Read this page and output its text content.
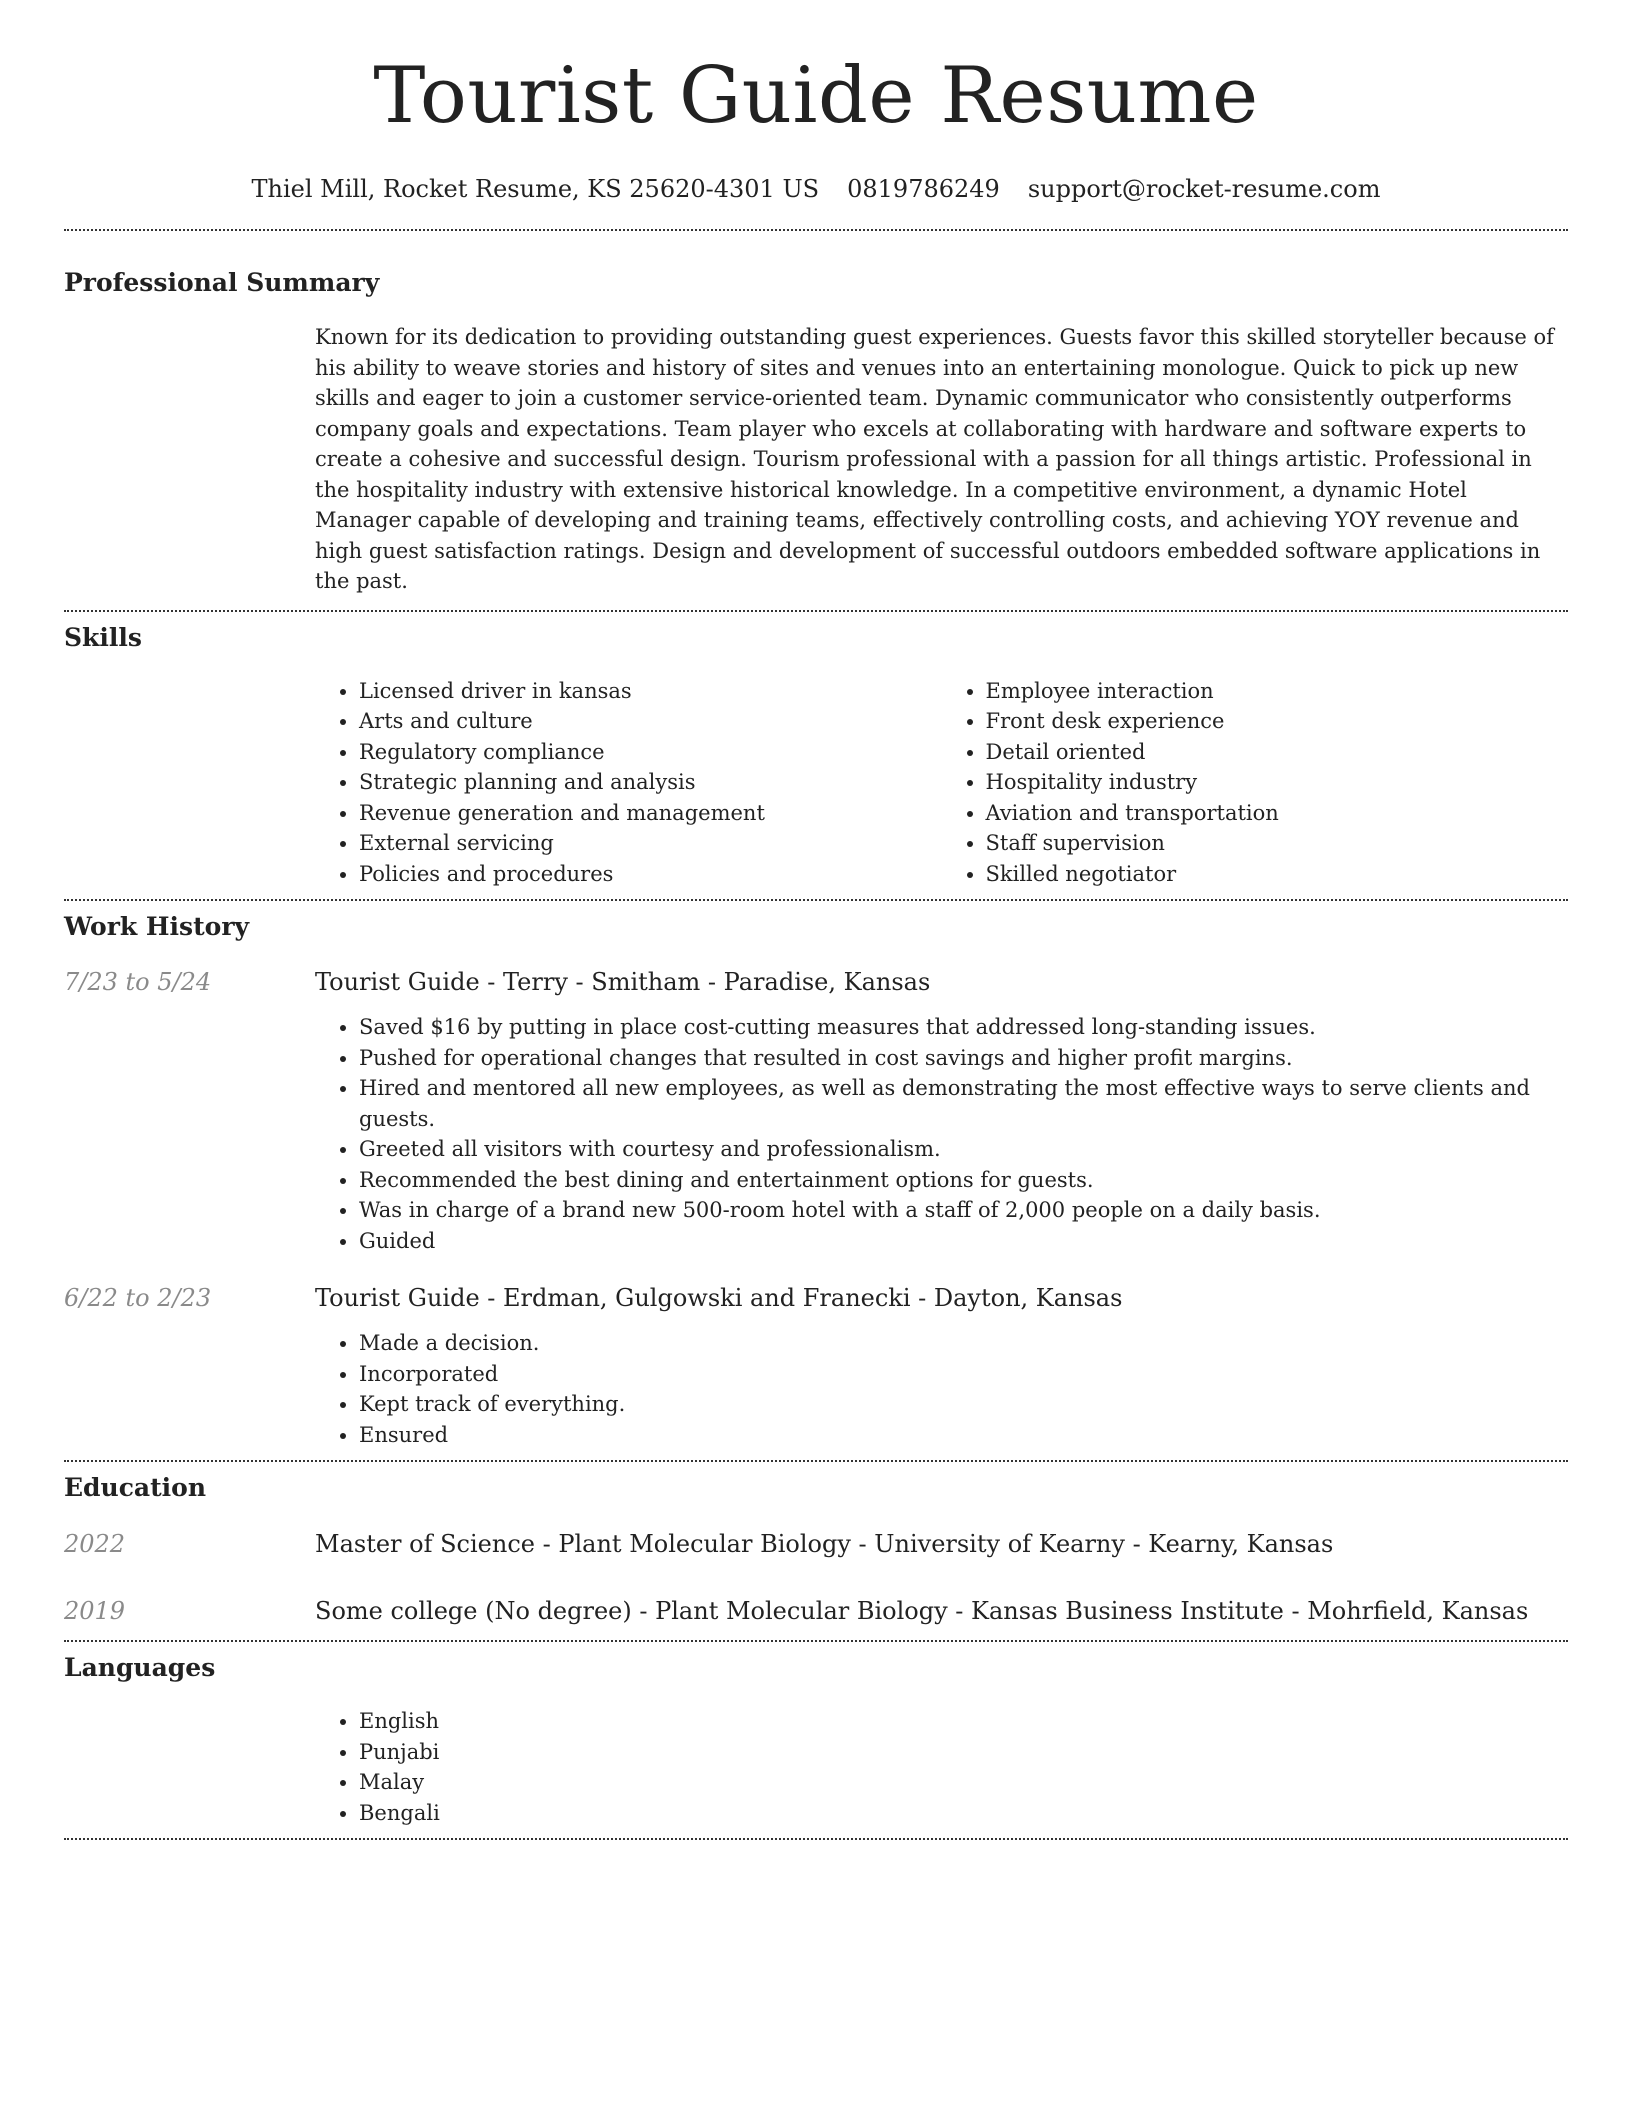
Tourist Guide Resume
Thiel Mill, Rocket Resume, KS 25620-4301 US 0819786249 support@rocket-resume.com
Professional Summary

Known for its dedication to providing outstanding guest experiences. Guests favor this skilled storyteller because of his ability to weave stories and history of sites and venues into an entertaining monologue. Quick to pick up new skills and eager to join a customer service-oriented team. Dynamic communicator who consistently outperforms company goals and expectations. Team player who excels at collaborating with hardware and software experts to create a cohesive and successful design. Tourism professional with a passion for all things artistic. Professional in the hospitality industry with extensive historical knowledge. In a competitive environment, a dynamic Hotel Manager capable of developing and training teams, effectively controlling costs, and achieving YOY revenue and high guest satisfaction ratings. Design and development of successful outdoors embedded software applications in the past.

Skills
• Licensed driver in kansas
• Arts and culture
• Regulatory compliance
• Strategic planning and analysis
• Revenue generation and management
• External servicing
• Policies and procedures
• Employee interaction
• Front desk experience
• Detail oriented
• Hospitality industry
• Aviation and transportation
• Staff supervision
• Skilled negotiator
Work History
7/23 to 5/24	Tourist Guide - Terry - Smitham - Paradise, Kansas
• Saved $16 by putting in place cost-cutting measures that addressed long-standing issues.
• Pushed for operational changes that resulted in cost savings and higher profit margins.
• Hired and mentored all new employees, as well as demonstrating the most effective ways to serve clients and guests.
• Greeted all visitors with courtesy and professionalism.
• Recommended the best dining and entertainment options for guests.
• Was in charge of a brand new 500-room hotel with a staff of 2,000 people on a daily basis.
• Guided
6/22 to 2/23	Tourist Guide - Erdman, Gulgowski and Franecki - Dayton, Kansas
• Made a decision.
• Incorporated
• Kept track of everything.
• Ensured
Education
2022	Master of Science - Plant Molecular Biology - University of Kearny - Kearny, Kansas
2019	Some college (No degree) - Plant Molecular Biology - Kansas Business Institute - Mohrfield, Kansas
Languages
• English
• Punjabi
• Malay
• Bengali
